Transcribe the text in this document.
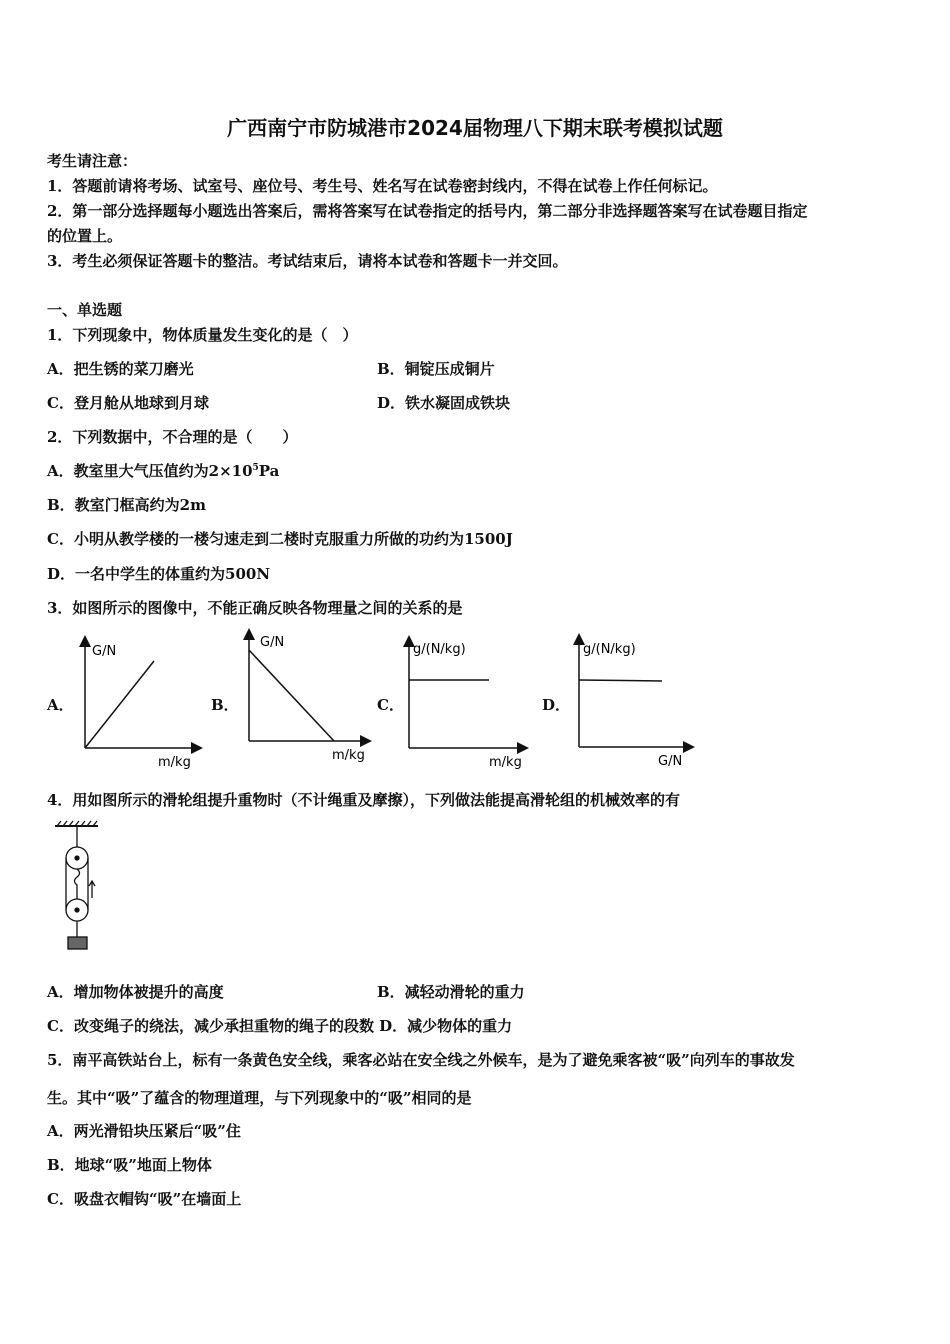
广西南宁市防城港市2024届物理八下期末联考模拟试题
考生请注意：
1．答题前请将考场、试室号、座位号、考生号、姓名写在试卷密封线内，不得在试卷上作任何标记。
2．第一部分选择题每小题选出答案后，需将答案写在试卷指定的括号内，第二部分非选择题答案写在试卷题目指定
的位置上。
3．考生必须保证答题卡的整洁。考试结束后，请将本试卷和答题卡一并交回。
一、单选题
1．下列现象中，物体质量发生变化的是（　）
A．把生锈的菜刀磨光	B．铜锭压成铜片
C．登月舱从地球到月球	D．铁水凝固成铁块
2．下列数据中，不合理的是（　　）
A．教室里大气压值约为$2\times 10^5Pa$
B．教室门框高约为2m
C．小明从教学楼的一楼匀速走到二楼时克服重力所做的功约为1500J
D．一名中学生的体重约为500N
3．如图所示的图像中，不能正确反映各物理量之间的关系的是
A．
G/N
m/kg
B．
G/N
m/kg
C．
g/(N/kg)
m/kg
D．
g/(N/kg)
G/N
4．用如图所示的滑轮组提升重物时（不计绳重及摩擦），下列做法能提高滑轮组的机械效率的有
A．增加物体被提升的高度	B．减轻动滑轮的重力
C．改变绳子的绕法，减少承担重物的绳子的段数 D．减少物体的重力
5．南平高铁站台上，标有一条黄色安全线，乘客必站在安全线之外候车，是为了避免乘客被“吸”向列车的事故发
生。其中“吸”了蕴含的物理道理，与下列现象中的“吸”相同的是
A．两光滑铅块压紧后“吸”住
B．地球“吸”地面上物体
C．吸盘衣帽钩“吸”在墙面上
